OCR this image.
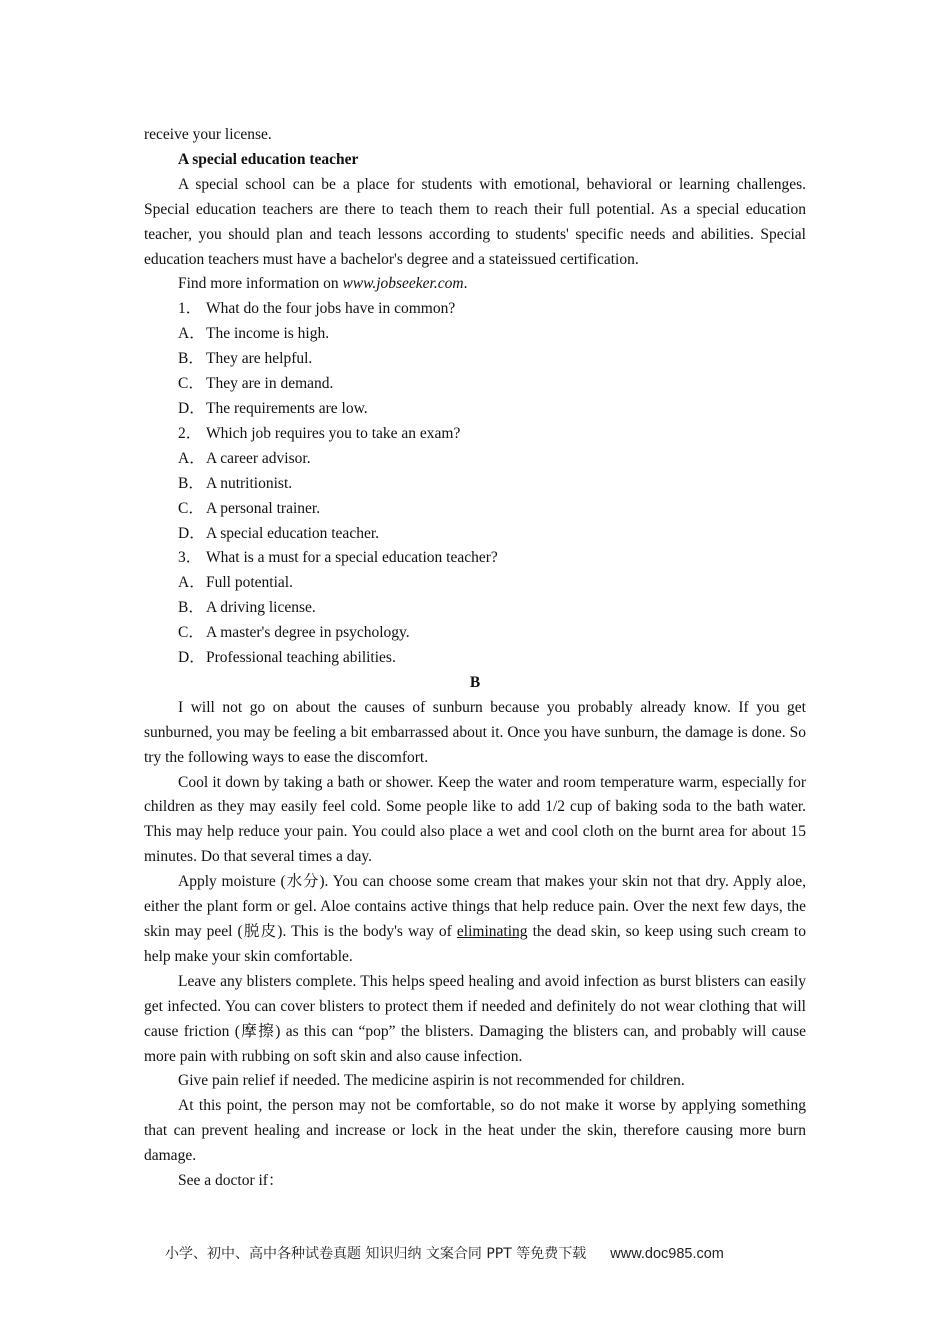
receive your license.

A special education teacher

A special school can be a place for students with emotional, behavioral or learning challenges. Special education teachers are there to teach them to reach their full potential. As a special education teacher, you should plan and teach lessons according to students' specific needs and abilities. Special education teachers must have a bachelor's degree and a stateissued certification.

Find more information on www.jobseeker.com.

1． What do the four jobs have in common?

A．The income is high.

B． They are helpful.

C． They are in demand.

D．The requirements are low.

2． Which job requires you to take an exam?

A．A career advisor.

B． A nutritionist.

C． A personal trainer.

D．A special education teacher.

3． What is a must for a special education teacher?

A．Full potential.

B． A driving license.

C． A master's degree in psychology.

D．Professional teaching abilities.

B

I will not go on about the causes of sunburn because you probably already know. If you get sunburned, you may be feeling a bit embarrassed about it. Once you have sunburn, the damage is done. So try the following ways to ease the discomfort.

Cool it down by taking a bath or shower. Keep the water and room temperature warm, especially for children as they may easily feel cold. Some people like to add 1/2 cup of baking soda to the bath water. This may help reduce your pain. You could also place a wet and cool cloth on the burnt area for about 15 minutes. Do that several times a day.

Apply moisture (水分). You can choose some cream that makes your skin not that dry. Apply aloe, either the plant form or gel. Aloe contains active things that help reduce pain. Over the next few days, the skin may peel (脱皮). This is the body's way of eliminating the dead skin, so keep using such cream to help make your skin comfortable.

Leave any blisters complete. This helps speed healing and avoid infection as burst blisters can easily get infected. You can cover blisters to protect them if needed and definitely do not wear clothing that will cause friction (摩擦) as this can “pop” the blisters. Damaging the blisters can, and probably will cause more pain with rubbing on soft skin and also cause infection.

Give pain relief if needed. The medicine aspirin is not recommended for children.

At this point, the person may not be comfortable, so do not make it worse by applying something that can prevent healing and increase or lock in the heat under the skin, therefore causing more burn damage.

See a doctor if：

小学、初中、高中各种试卷真题 知识归纳 文案合同 PPT 等免费下载 www.doc985.com
